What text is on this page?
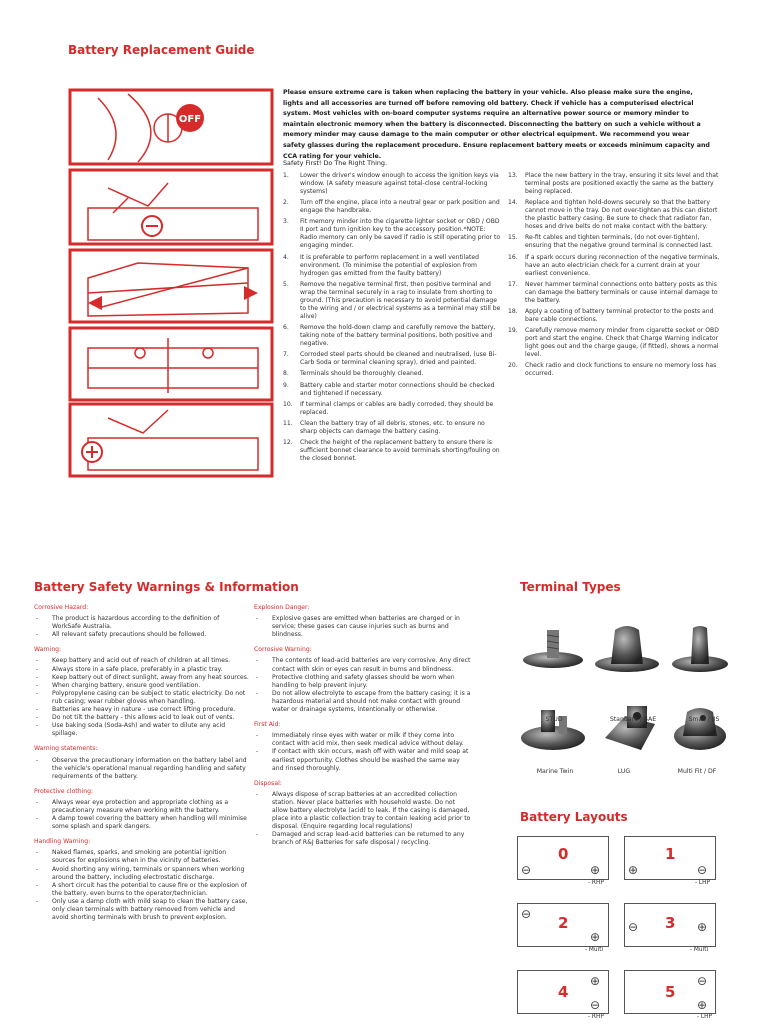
Battery Replacement Guide
Battery Safety Warnings & Information	Terminal Types
Battery Layouts
OFF
Please ensure extreme care is taken when replacing the battery in your vehicle. Also please make sure the engine, lights and all accessories are turned off before removing old battery. Check if vehicle has a computerised electrical system. Most vehicles with on-board computer systems require an alternative power source or memory minder to maintain electronic memory when the battery is disconnected. Disconnecting the battery on such a vehicle without a memory minder may cause damage to the main computer or other electrical equipment. We recommend you wear safety glasses during the replacement procedure. Ensure replacement battery meets or exceeds minimum capacity and CCA rating for your vehicle.
Safety First! Do The Right Thing.
1. Lower the driver's window enough to access the ignition keys via window. (A safety measure against total-close central-locking systems)
2. Turn off the engine, place into a neutral gear or park position and engage the handbrake.
3. Fit memory minder into the cigarette lighter socket or OBD / OBD II port and turn ignition key to the accessory position.*NOTE: Radio memory can only be saved if radio is still operating prior to engaging minder.
4. It is preferable to perform replacement in a well ventilated environment. (To minimise the potential of explosion from hydrogen gas emitted from the faulty battery)
5. Remove the negative terminal first, then positive terminal and wrap the terminal securely in a rag to insulate from shorting to ground. (This precaution is necessary to avoid potential damage to the wiring and / or electrical systems as a terminal may still be alive)
6. Remove the hold-down clamp and carefully remove the battery, taking note of the battery terminal positions, both positive and negative.
7. Corroded steel parts should be cleaned and neutralised, (use Bi-Carb Soda or terminal cleaning spray), dried and painted.
8. Terminals should be thoroughly cleaned.
9. Battery cable and starter motor connections should be checked and tightened if necessary.
10. If terminal clamps or cables are badly corroded, they should be replaced.
11. Clean the battery tray of all debris, stones, etc. to ensure no sharp objects can damage the battery casing.
12. Check the height of the replacement battery to ensure there is sufficient bonnet clearance to avoid terminals shorting/fouling on the closed bonnet.
13. Place the new battery in the tray, ensuring it sits level and that terminal posts are positioned exactly the same as the battery being replaced.
14. Replace and tighten hold-downs securely so that the battery cannot move in the tray. Do not over-tighten as this can distort the plastic battery casing. Be sure to check that radiator fan, hoses and drive belts do not make contact with the battery.
15. Re-fit cables and tighten terminals, (do not over-tighten), ensuring that the negative ground terminal is connected last.
16. If a spark occurs during reconnection of the negative terminals, have an auto electrician check for a current drain at your earliest convenience.
17. Never hammer terminal connections onto battery posts as this can damage the battery terminals or cause internal damage to the battery.
18. Apply a coating of battery terminal protector to the posts and bare cable connections.
19. Carefully remove memory minder from cigarette socket or OBD port and start the engine. Check that Charge Warning indicator light goes out and the charge gauge, (if fitted), shows a normal level.
20. Check radio and clock functions to ensure no memory loss has occurred.
Corrosive Hazard:
- The product is hazardous according to the definition of WorkSafe Australia.
- All relevant safety precautions should be followed.
Warning:
- Keep battery and acid out of reach of children at all times.
- Always store in a safe place, preferably in a plastic tray.
- Keep battery out of direct sunlight, away from any heat sources.
- When charging battery, ensure good ventilation.
- Polypropylene casing can be subject to static electricity. Do not rub casing; wear rubber gloves when handling.
- Batteries are heavy in nature - use correct lifting procedure.
- Do not tilt the battery - this allows acid to leak out of vents.
- Use baking soda (Soda-Ash) and water to dilute any acid spillage.
Warning statements:
- Observe the precautionary information on the battery label and the vehicle's operational manual regarding handling and safety requirements of the battery.
Protective clothing:
- Always wear eye protection and appropriate clothing as a precautionary measure when working with the battery.
- A damp towel covering the battery when handling will minimise some splash and spark dangers.
Handling Warning:
- Naked flames, sparks, and smoking are potential ignition sources for explosions when in the vicinity of batteries.
- Avoid shorting any wiring, terminals or spanners when working around the battery, including electrostatic discharge.
- A short circuit has the potential to cause fire or the explosion of the battery, even burns to the operator/technician.
- Only use a damp cloth with mild soap to clean the battery case, only clean terminals with battery removed from vehicle and avoid shorting terminals with brush to prevent explosion.
Explosion Danger:
- Explosive gases are emitted when batteries are charged or in service; these gases can cause injuries such as burns and blindness.
Corrosive Warning:
- The contents of lead-acid batteries are very corrosive. Any direct contact with skin or eyes can result in burns and blindness.
- Protective clothing and safety glasses should be worn when handling to help prevent injury.
- Do not allow electrolyte to escape from the battery casing; it is a hazardous material and should not make contact with ground water or drainage systems, intentionally or otherwise.
First Aid:
- Immediately rinse eyes with water or milk if they come into contact with acid mix, then seek medical advice without delay.
- If contact with skin occurs, wash off with water and mild soap at earliest opportunity. Clothes should be washed the same way and rinsed thoroughly.
Disposal:
- Always dispose of scrap batteries at an accredited collection station. Never place batteries with household waste. Do not allow battery electrolyte (acid) to leak. If the casing is damaged, place into a plastic collection tray to contain leaking acid prior to disposal. (Enquire regarding local regulations)
- Damaged and scrap lead-acid batteries can be returned to any branch of R&J Batteries for safe disposal / recycling.
STUD	Standard / SAE	Small / JIS
Marine Twin	LUG	Multi Fit / DF
⊖
0
⊕
- RHP
⊕
1
⊖
- LHP
⊖ 2
⊕
- Multi
⊖ 3 ⊕
- Multi
⊕
4
⊖
- RHP
⊖
5
⊕
- LHP
